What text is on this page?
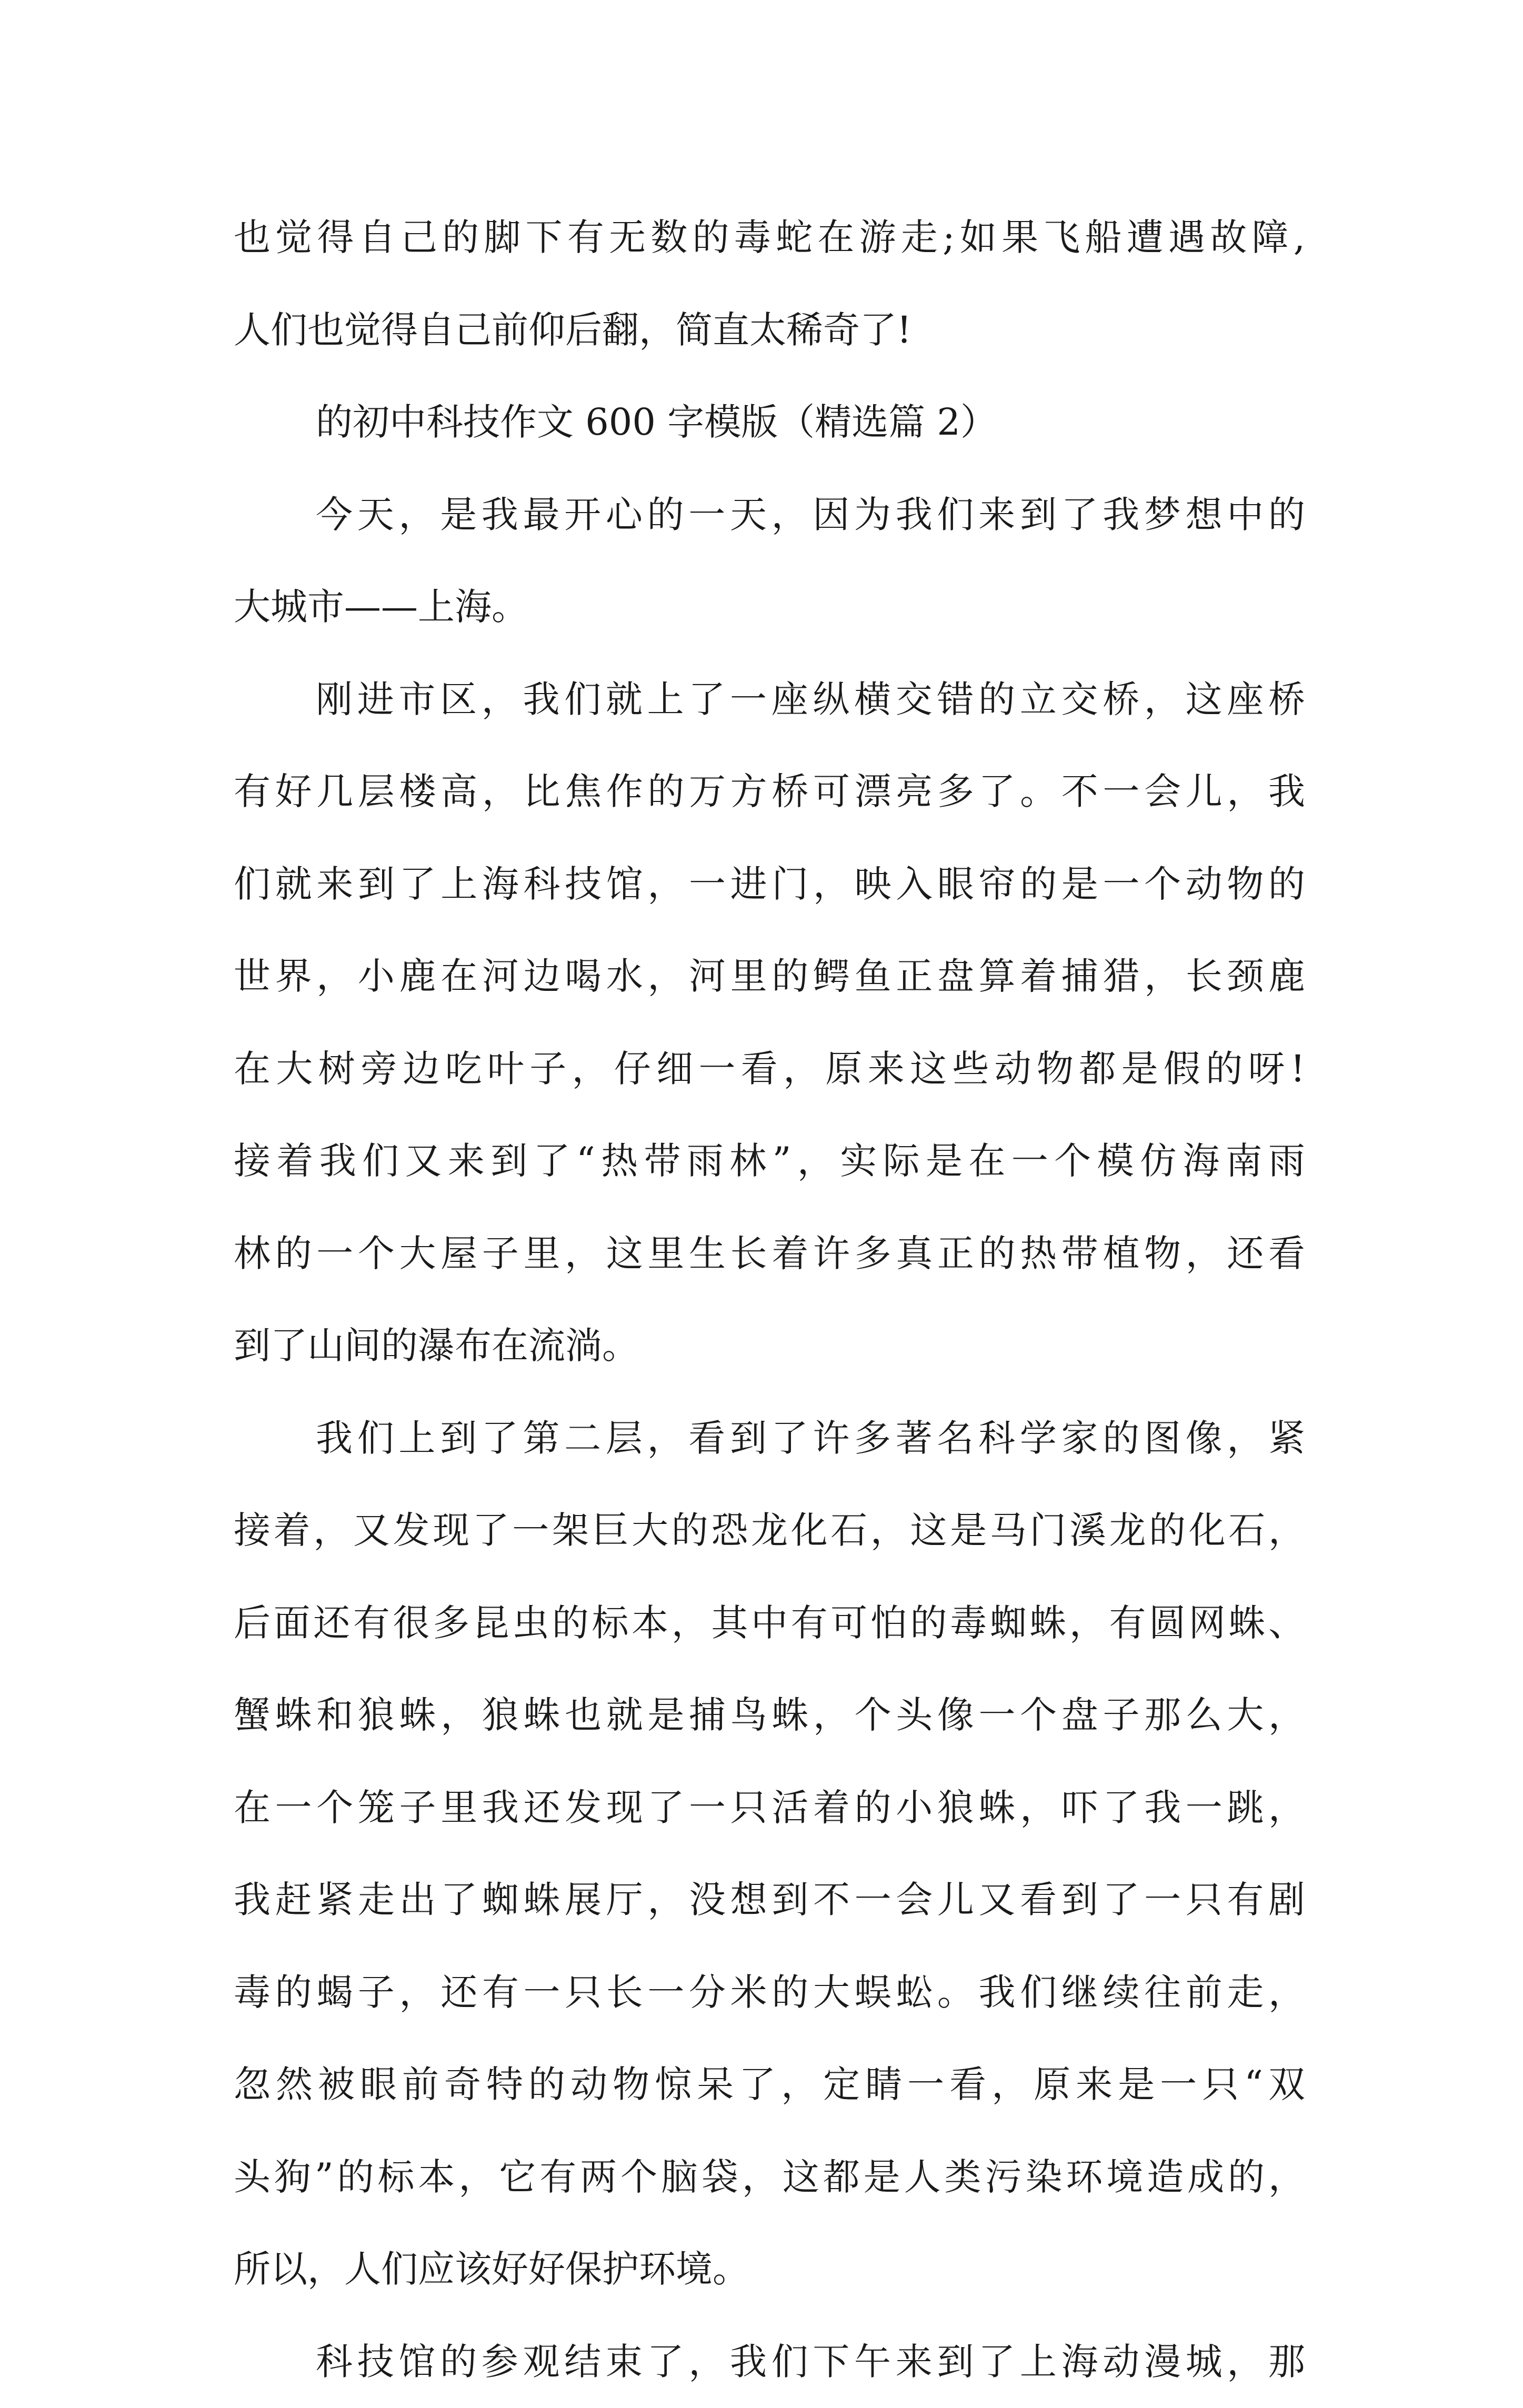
也觉得自己的脚下有无数的毒蛇在游走;如果飞船遭遇故障,
人们也觉得自己前仰后翻，简直太稀奇了!
的初中科技作文 600 字模版（精选篇 2）
今天，是我最开心的一天，因为我们来到了我梦想中的
大城市——上海。
刚进市区，我们就上了一座纵横交错的立交桥，这座桥
有好几层楼高，比焦作的万方桥可漂亮多了。不一会儿，我
们就来到了上海科技馆，一进门，映入眼帘的是一个动物的
世界，小鹿在河边喝水，河里的鳄鱼正盘算着捕猎，长颈鹿
在大树旁边吃叶子，仔细一看，原来这些动物都是假的呀!
接着我们又来到了“热带雨林”，实际是在一个模仿海南雨
林的一个大屋子里，这里生长着许多真正的热带植物，还看
到了山间的瀑布在流淌。
我们上到了第二层，看到了许多著名科学家的图像，紧
接着，又发现了一架巨大的恐龙化石，这是马门溪龙的化石，
后面还有很多昆虫的标本，其中有可怕的毒蜘蛛，有圆网蛛、
蟹蛛和狼蛛，狼蛛也就是捕鸟蛛，个头像一个盘子那么大，
在一个笼子里我还发现了一只活着的小狼蛛，吓了我一跳，
我赶紧走出了蜘蛛展厅，没想到不一会儿又看到了一只有剧
毒的蝎子，还有一只长一分米的大蜈蚣。我们继续往前走，
忽然被眼前奇特的动物惊呆了，定睛一看，原来是一只“双
头狗”的标本，它有两个脑袋，这都是人类污染环境造成的，
所以，人们应该好好保护环境。
科技馆的参观结束了，我们下午来到了上海动漫城，那
